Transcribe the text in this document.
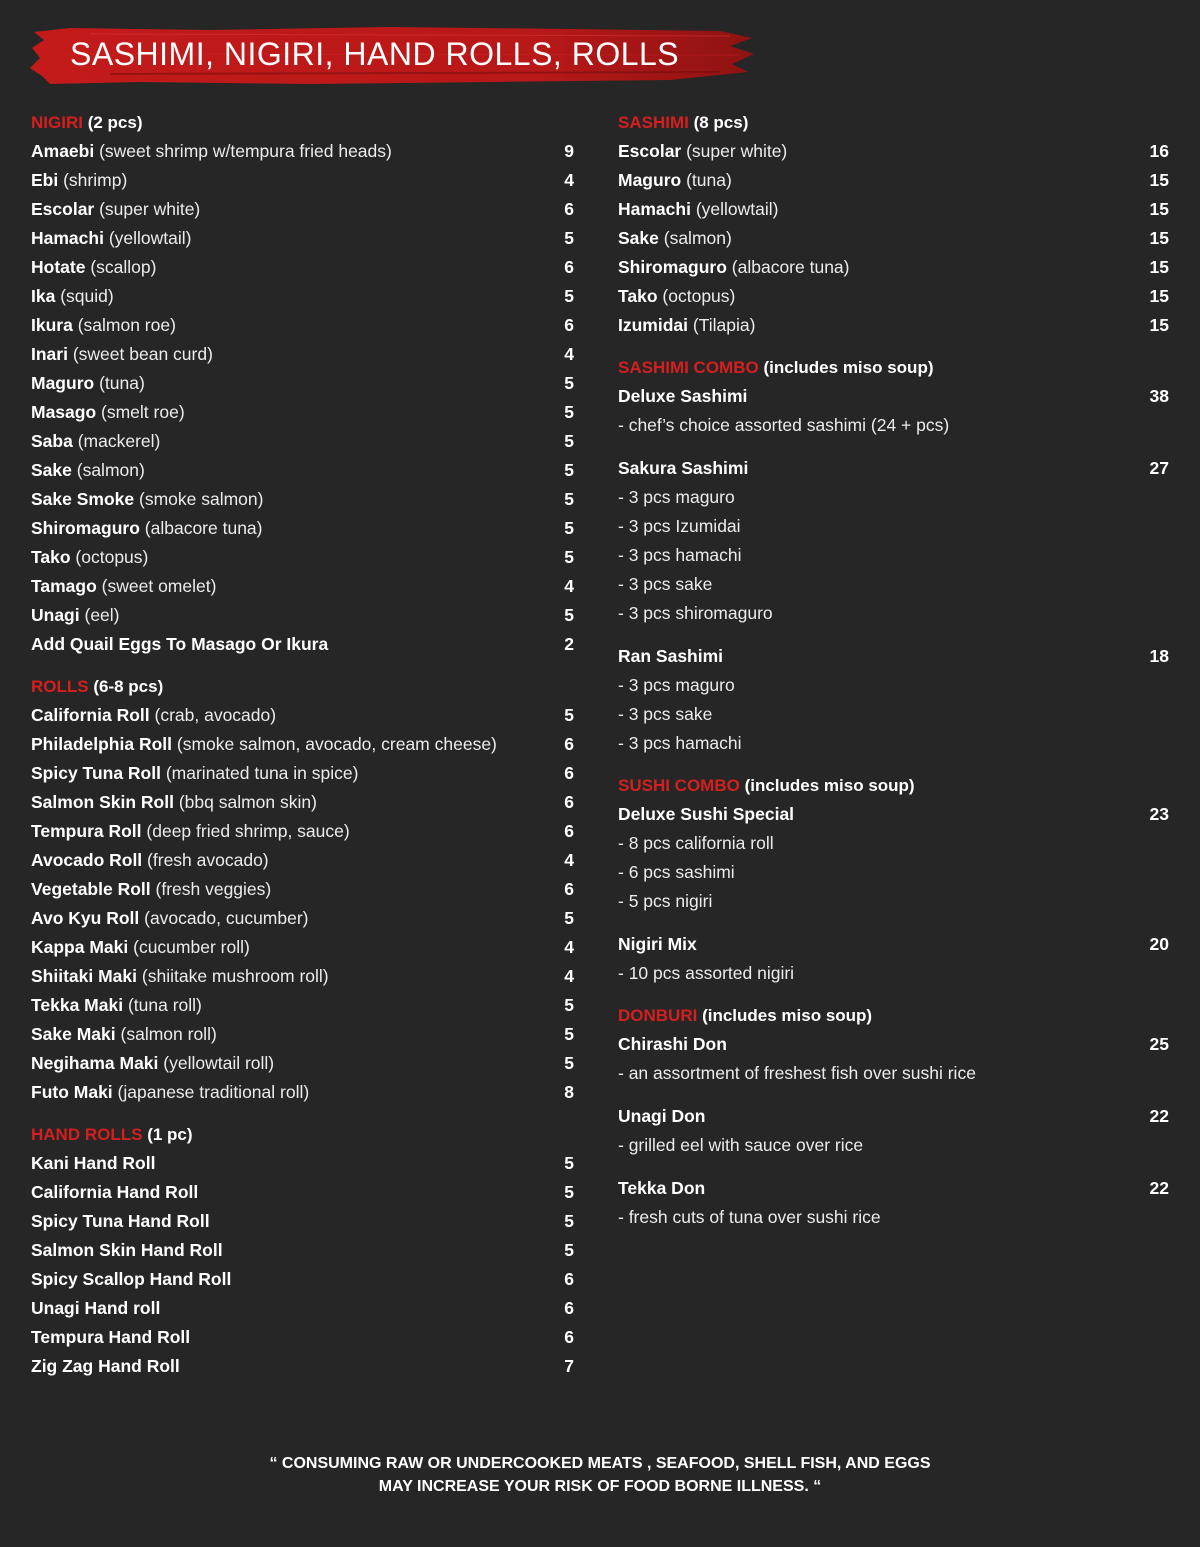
SASHIMI, NIGIRI, HAND ROLLS, ROLLS
NIGIRI (2 pcs)
Amaebi (sweet shrimp w/tempura fried heads)	9
Ebi (shrimp)	4
Escolar (super white)	6
Hamachi (yellowtail)	5
Hotate (scallop)	6
Ika (squid)	5
Ikura (salmon roe)	6
Inari (sweet bean curd)	4
Maguro (tuna)	5
Masago (smelt roe)	5
Saba (mackerel)	5
Sake (salmon)	5
Sake Smoke (smoke salmon)	5
Shiromaguro (albacore tuna)	5
Tako (octopus)	5
Tamago (sweet omelet)	4
Unagi (eel)	5
Add Quail Eggs To Masago Or Ikura	2
ROLLS (6-8 pcs)
California Roll (crab, avocado)	5
Philadelphia Roll (smoke salmon, avocado, cream cheese)	6
Spicy Tuna Roll (marinated tuna in spice)	6
Salmon Skin Roll (bbq salmon skin)	6
Tempura Roll (deep fried shrimp, sauce)	6
Avocado Roll (fresh avocado)	4
Vegetable Roll (fresh veggies)	6
Avo Kyu Roll (avocado, cucumber)	5
Kappa Maki (cucumber roll)	4
Shiitaki Maki (shiitake mushroom roll)	4
Tekka Maki (tuna roll)	5
Sake Maki (salmon roll)	5
Negihama Maki (yellowtail roll)	5
Futo Maki (japanese traditional roll)	8
HAND ROLLS (1 pc)
Kani Hand Roll	5
California Hand Roll	5
Spicy Tuna Hand Roll	5
Salmon Skin Hand Roll	5
Spicy Scallop Hand Roll	6
Unagi Hand roll	6
Tempura Hand Roll	6
Zig Zag Hand Roll	7
SASHIMI (8 pcs)
Escolar (super white)	16
Maguro (tuna)	15
Hamachi (yellowtail)	15
Sake (salmon)	15
Shiromaguro (albacore tuna)	15
Tako (octopus)	15
Izumidai (Tilapia)	15
SASHIMI COMBO (includes miso soup)
Deluxe Sashimi	38
- chef’s choice assorted sashimi (24 + pcs)
Sakura Sashimi	27
- 3 pcs maguro
- 3 pcs Izumidai
- 3 pcs hamachi
- 3 pcs sake
- 3 pcs shiromaguro
Ran Sashimi	18
- 3 pcs maguro
- 3 pcs sake
- 3 pcs hamachi
SUSHI COMBO (includes miso soup)
Deluxe Sushi Special	23
- 8 pcs california roll
- 6 pcs sashimi
- 5 pcs nigiri
Nigiri Mix	20
- 10 pcs assorted nigiri
DONBURI (includes miso soup)
Chirashi Don	25
- an assortment of freshest fish over sushi rice
Unagi Don	22
- grilled eel with sauce over rice
Tekka Don	22
- fresh cuts of tuna over sushi rice
“ CONSUMING RAW OR UNDERCOOKED MEATS , SEAFOOD, SHELL FISH, AND EGGS
MAY INCREASE YOUR RISK OF FOOD BORNE ILLNESS. “
